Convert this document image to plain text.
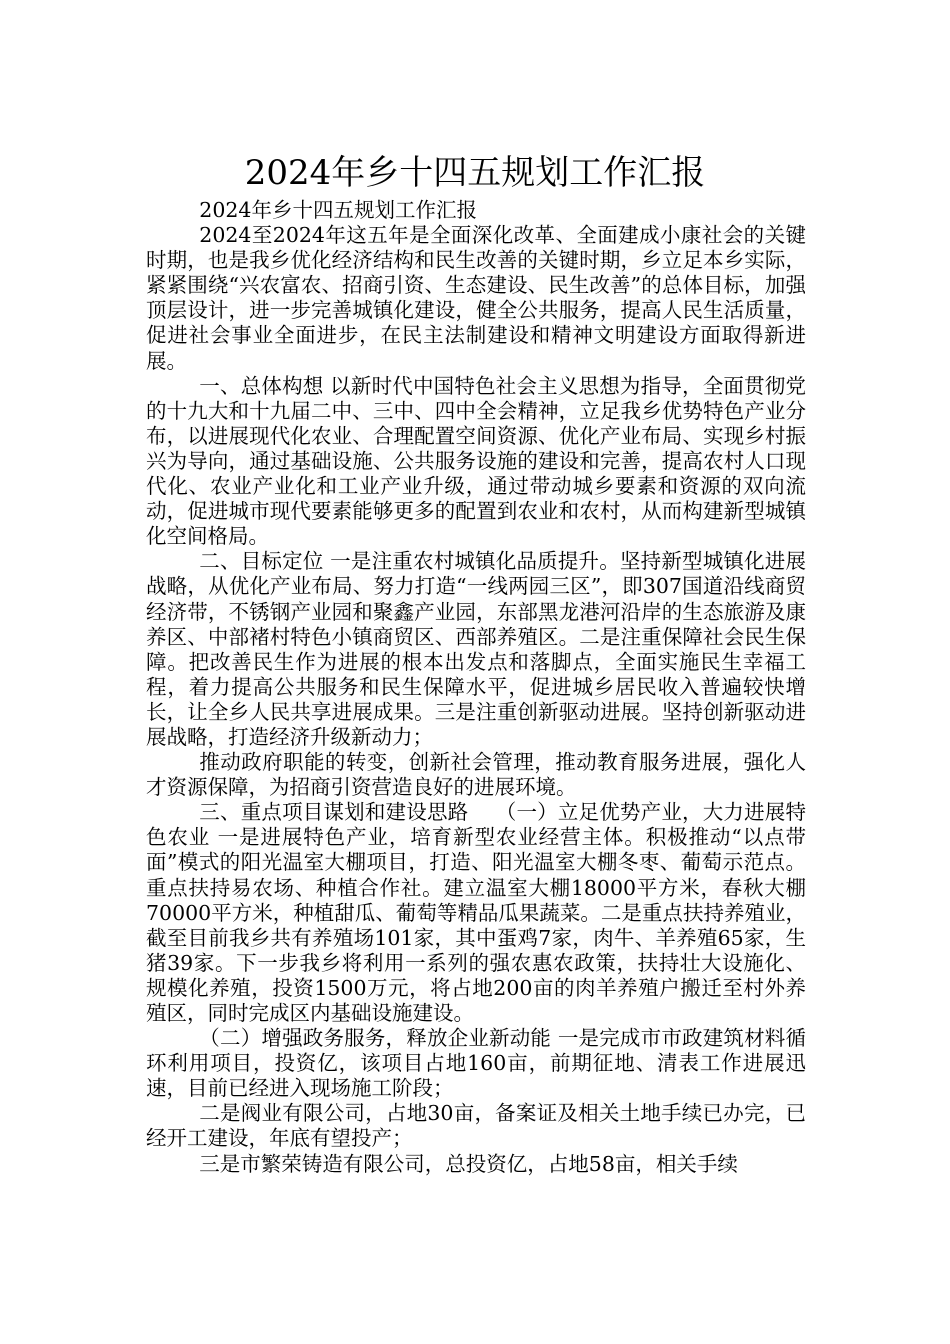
2024年乡十四五规划工作汇报

2024年乡十四五规划工作汇报

2024至2024年这五年是全面深化改革、全面建成小康社会的关键时期，也是我乡优化经济结构和民生改善的关键时期，乡立足本乡实际，紧紧围绕“兴农富农、招商引资、生态建设、民生改善”的总体目标，加强顶层设计，进一步完善城镇化建设，健全公共服务，提高人民生活质量，促进社会事业全面进步，在民主法制建设和精神文明建设方面取得新进展。

一、总体构想 以新时代中国特色社会主义思想为指导，全面贯彻党的十九大和十九届二中、三中、四中全会精神，立足我乡优势特色产业分布，以进展现代化农业、合理配置空间资源、优化产业布局、实现乡村振兴为导向，通过基础设施、公共服务设施的建设和完善，提高农村人口现代化、农业产业化和工业产业升级，通过带动城乡要素和资源的双向流动，促进城市现代要素能够更多的配置到农业和农村，从而构建新型城镇化空间格局。

二、目标定位 一是注重农村城镇化品质提升。坚持新型城镇化进展战略，从优化产业布局、努力打造“一线两园三区”，即307国道沿线商贸经济带，不锈钢产业园和聚鑫产业园，东部黑龙港河沿岸的生态旅游及康养区、中部褚村特色小镇商贸区、西部养殖区。二是注重保障社会民生保障。把改善民生作为进展的根本出发点和落脚点，全面实施民生幸福工程，着力提高公共服务和民生保障水平，促进城乡居民收入普遍较快增长，让全乡人民共享进展成果。三是注重创新驱动进展。坚持创新驱动进展战略，打造经济升级新动力；

推动政府职能的转变，创新社会管理，推动教育服务进展，强化人才资源保障，为招商引资营造良好的进展环境。

三、重点项目谋划和建设思路　 （一）立足优势产业，大力进展特色农业 一是进展特色产业，培育新型农业经营主体。积极推动“以点带面”模式的阳光温室大棚项目，打造、阳光温室大棚冬枣、葡萄示范点。重点扶持易农场、种植合作社。建立温室大棚18000平方米，春秋大棚70000平方米，种植甜瓜、葡萄等精品瓜果蔬菜。二是重点扶持养殖业，截至目前我乡共有养殖场101家，其中蛋鸡7家，肉牛、羊养殖65家，生猪39家。下一步我乡将利用一系列的强农惠农政策，扶持壮大设施化、规模化养殖，投资1500万元，将占地200亩的肉羊养殖户搬迁至村外养殖区，同时完成区内基础设施建设。

（二）增强政务服务，释放企业新动能 一是完成市市政建筑材料循环利用项目，投资亿，该项目占地160亩，前期征地、清表工作进展迅速，目前已经进入现场施工阶段；

二是阀业有限公司，占地30亩，备案证及相关土地手续已办完，已经开工建设，年底有望投产；

三是市繁荣铸造有限公司，总投资亿，占地58亩，相关手续
